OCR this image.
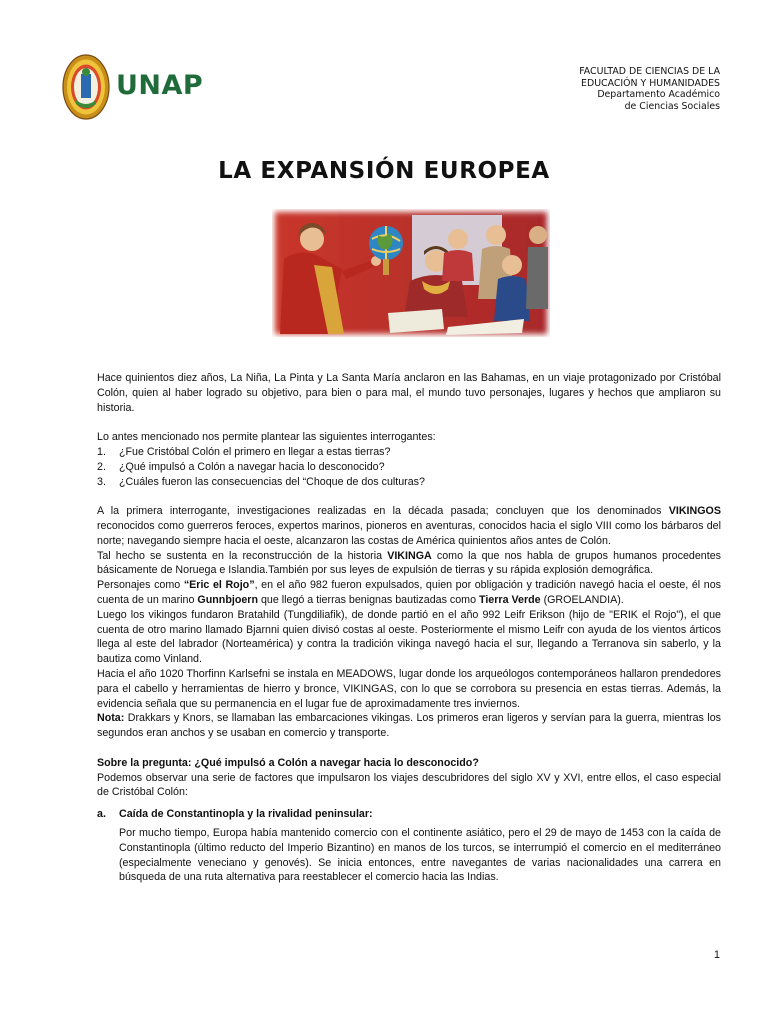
UNAP	FACULTAD DE CIENCIAS DE LA
EDUCACIÓN Y HUMANIDADES
Departamento Académico
de Ciencias Sociales
LA EXPANSIÓN EUROPEA

Hace quinientos diez años, La Niña, La Pinta y La Santa María anclaron en las Bahamas, en un viaje protagonizado por Cristóbal Colón, quien al haber logrado su objetivo, para bien o para mal, el mundo tuvo personajes, lugares y hechos que ampliaron su historia.

Lo antes mencionado nos permite plantear las siguientes interrogantes:

1.	¿Fue Cristóbal Colón el primero en llegar a estas tierras?
2.	¿Qué impulsó a Colón a navegar hacia lo desconocido?
3.	¿Cuáles fueron las consecuencias del “Choque de dos culturas?

A la primera interrogante, investigaciones realizadas en la década pasada; concluyen que los denominados VIKINGOS reconocidos como guerreros feroces, expertos marinos, pioneros en aventuras, conocidos hacia el siglo VIII como los bárbaros del norte; navegando siempre hacia el oeste, alcanzaron las costas de América quinientos años antes de Colón.

Tal hecho se sustenta en la reconstrucción de la historia VIKINGA como la que nos habla de grupos humanos procedentes básicamente de Noruega e Islandia.También por sus leyes de expulsión de tierras y su rápida explosión demográfica.

Personajes como “Eric el Rojo”, en el año 982 fueron expulsados, quien por obligación y tradición navegó hacia el oeste, él nos cuenta de un marino Gunnbjoern que llegó a tierras benignas bautizadas como Tierra Verde (GROELANDIA).

Luego los vikingos fundaron Bratahild (Tungdiliafik), de donde partió en el año 992 Leifr Erikson (hijo de "ERIK el Rojo"), el que cuenta de otro marino llamado Bjarnni quien divisó costas al oeste. Posteriormente el mismo Leifr con ayuda de los vientos árticos llega al este del labrador (Norteamérica) y contra la tradición vikinga navegó hacia el sur, llegando a Terranova sin saberlo, y la bautiza como Vinland.

Hacia el año 1020 Thorfinn Karlsefni se instala en MEADOWS, lugar donde los arqueólogos contemporáneos hallaron prendedores para el cabello y herramientas de hierro y bronce, VIKINGAS, con lo que se corrobora su presencia en estas tierras. Además, la evidencia señala que su permanencia en el lugar fue de aproximadamente tres inviernos.

Nota: Drakkars y Knors, se llamaban las embarcaciones vikingas. Los primeros eran ligeros y servían para la guerra, mientras los segundos eran anchos y se usaban en comercio y transporte.

Sobre la pregunta: ¿Qué impulsó a Colón a navegar hacia lo desconocido?

Podemos observar una serie de factores que impulsaron los viajes descubridores del siglo XV y XVI, entre ellos, el caso especial de Cristóbal Colón:

a.	Caída de Constantinopla y la rivalidad peninsular:

Por mucho tiempo, Europa había mantenido comercio con el continente asiático, pero el 29 de mayo de 1453 con la caída de Constantinopla (último reducto del Imperio Bizantino) en manos de los turcos, se interrumpió el comercio en el mediterráneo (especialmente veneciano y genovés). Se inicia entonces, entre navegantes de varias nacionalidades una carrera en búsqueda de una ruta alternativa para reestablecer el comercio hacia las Indias.

1
